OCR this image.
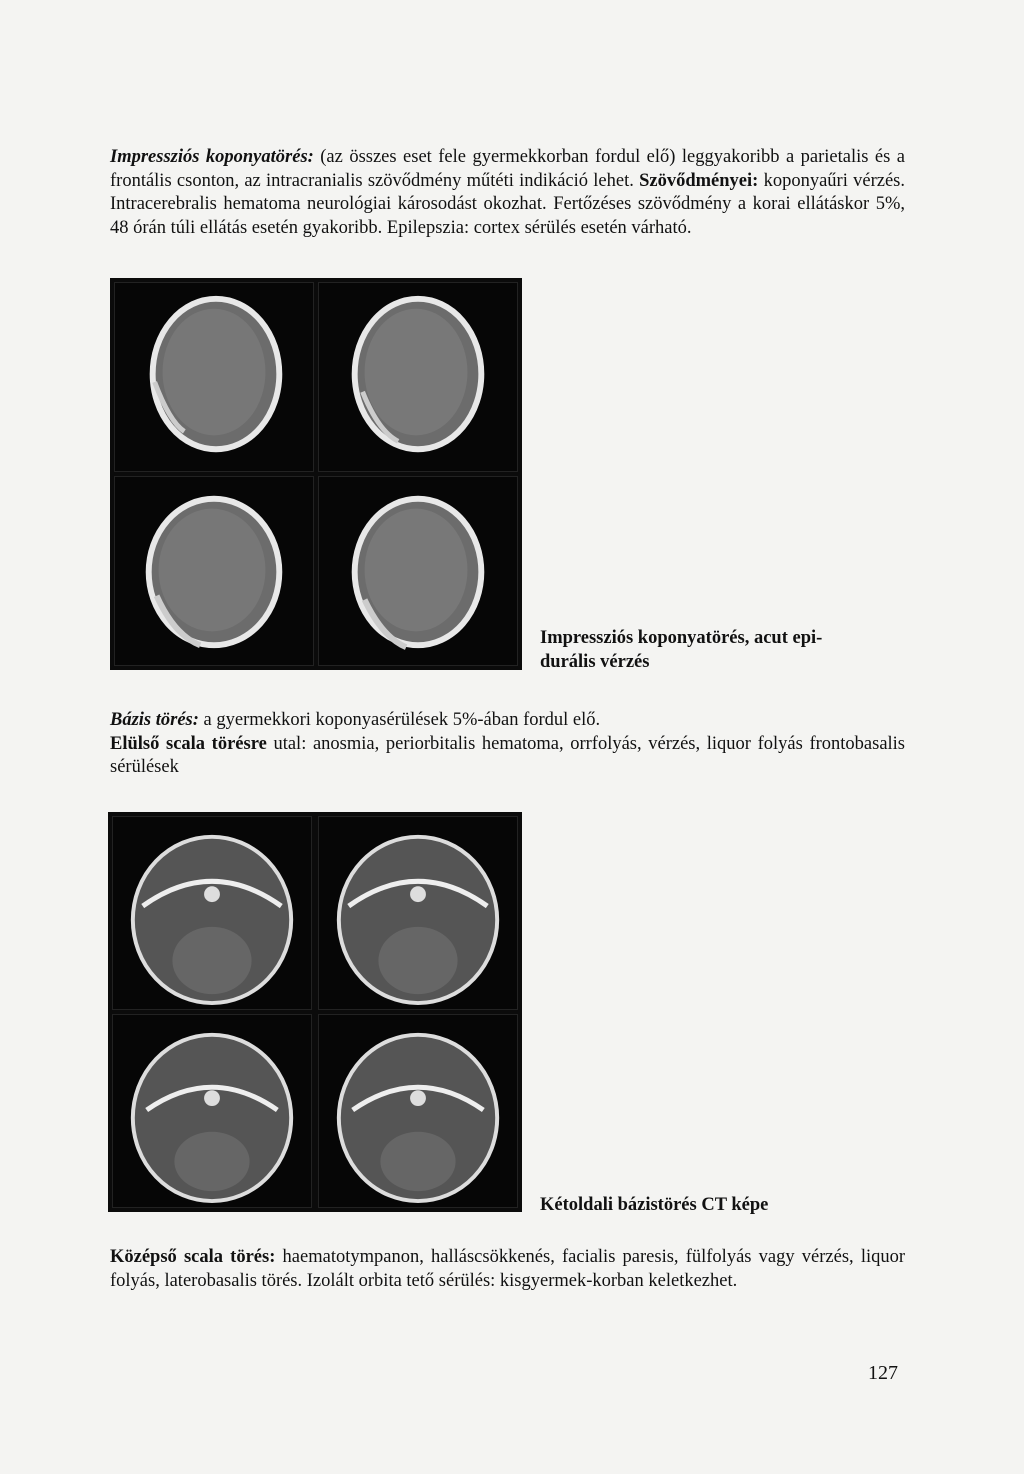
Impressziós koponyatörés: (az összes eset fele gyermekkorban fordul elő) leggyakoribb a parietalis és a frontális csonton, az intracranialis szövődmény műtéti indikáció lehet. Szövődményei: koponyaűri vérzés. Intracerebralis hematoma neurológiai károsodást okozhat. Fertőzéses szövődmény a korai ellátáskor 5%, 48 órán túli ellátás esetén gyakoribb. Epilepszia: cortex sérülés esetén várható.
Impressziós koponyatörés, acut epi-
durális vérzés
Bázis törés: a gyermekkori koponyasérülések 5%-ában fordul elő.
Elülső scala törésre utal: anosmia, periorbitalis hematoma, orrfolyás, vérzés, liquor folyás frontobasalis sérülések
Kétoldali bázistörés CT képe
Középső scala törés: haematotympanon, halláscsökkenés, facialis paresis, fülfolyás vagy vérzés, liquor folyás, laterobasalis törés. Izolált orbita tető sérülés: kisgyermek-korban keletkezhet.
127
